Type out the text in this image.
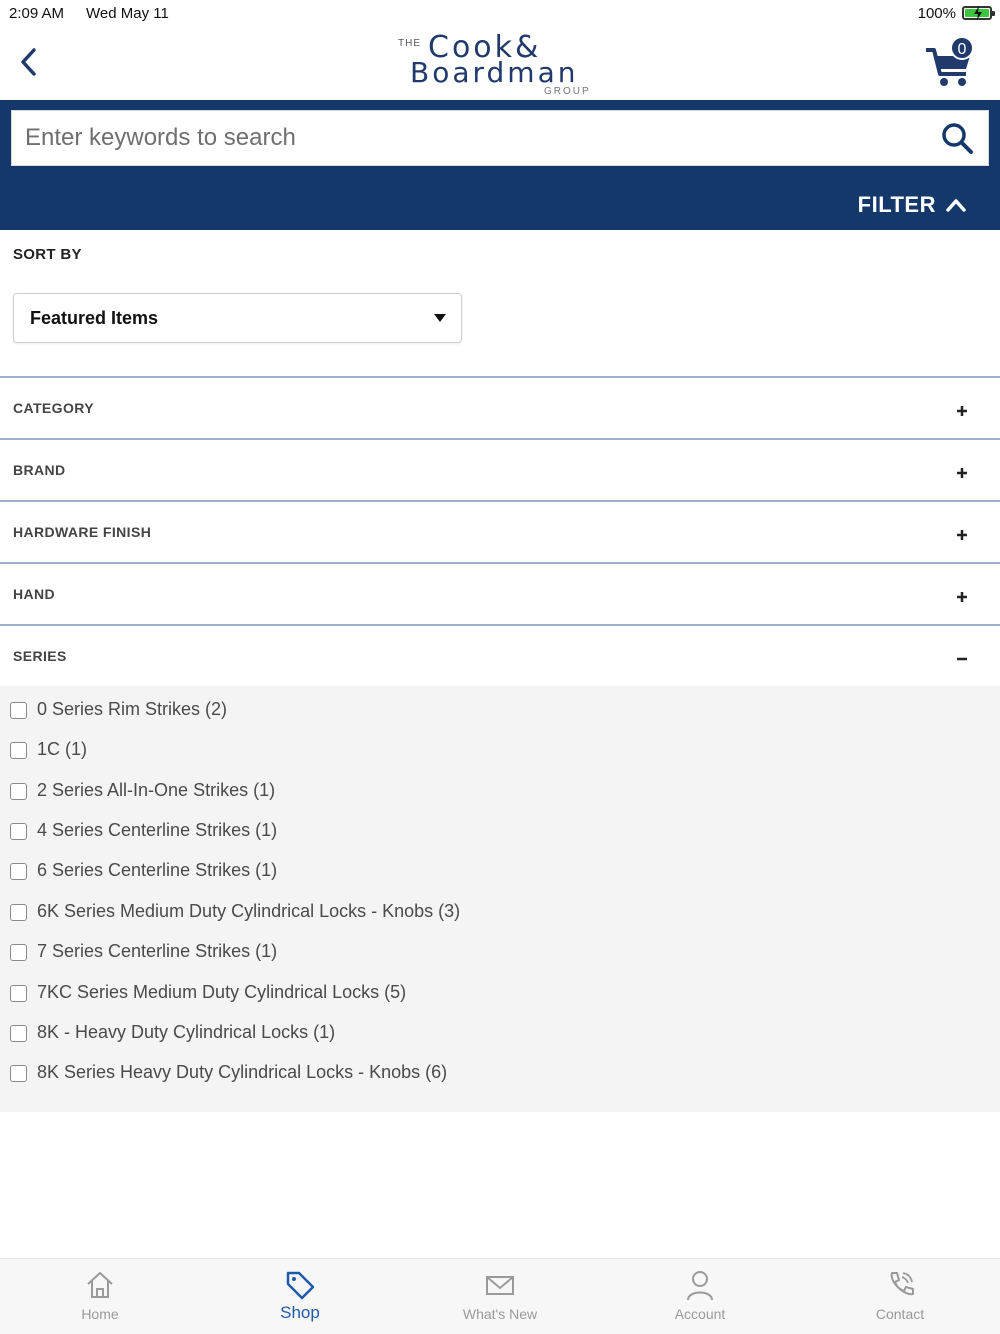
2:09 AM Wed May 11	100%
THE Cook&
Boardman
GROUP
0
Enter keywords to search
FILTER
SORT BY
Featured Items
CATEGORY
BRAND
HARDWARE FINISH
HAND
SERIES
0 Series Rim Strikes (2)
1C (1)
2 Series All-In-One Strikes (1)
4 Series Centerline Strikes (1)
6 Series Centerline Strikes (1)
6K Series Medium Duty Cylindrical Locks - Knobs (3)
7 Series Centerline Strikes (1)
7KC Series Medium Duty Cylindrical Locks (5)
8K - Heavy Duty Cylindrical Locks (1)
8K Series Heavy Duty Cylindrical Locks - Knobs (6)
Home	Shop	What's New	Account	Contact
